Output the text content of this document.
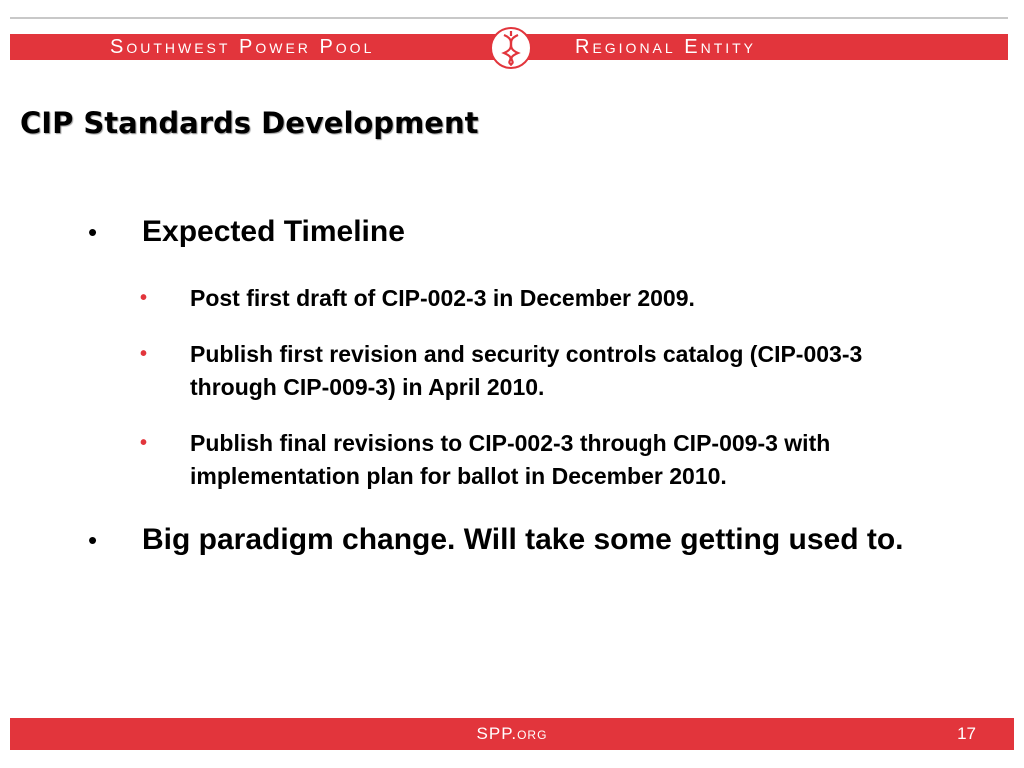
Southwest Power Pool	Regional Entity
CIP Standards Development
• Expected Timeline
• Post first draft of CIP-002-3 in December 2009.
• Publish first revision and security controls catalog (CIP-003-3 through CIP-009-3) in April 2010.
• Publish final revisions to CIP-002-3 through CIP-009-3 with implementation plan for ballot in December 2010.
• Big paradigm change. Will take some getting used to.
SPP.org	17
